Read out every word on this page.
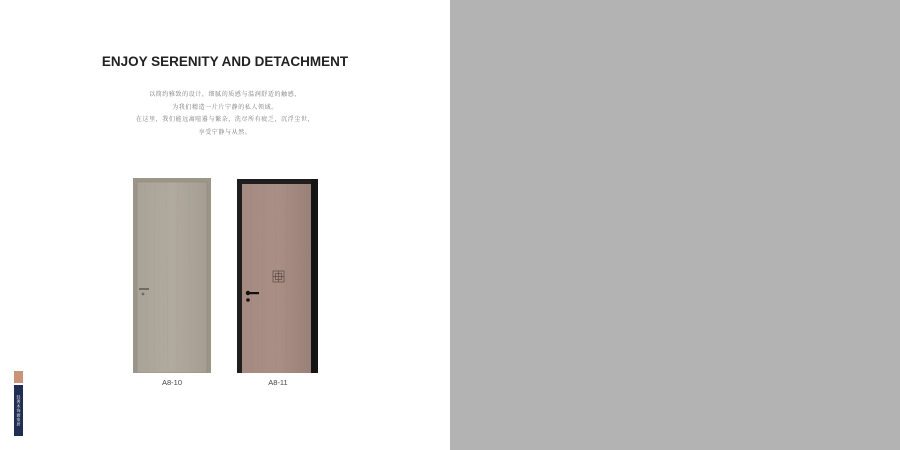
ENJOY SERENITY AND DETACHMENT
以简约雅致的设计，细腻的质感与温润舒适的触感，
为我们精造一片片宁静的私人领域。
在这里，我们能远离喧嚣与繁杂，洗尽所有疲乏，沉浮尘世，
享受宁静与从然。
A8-10	A8-11
轻奢木饰面家居
